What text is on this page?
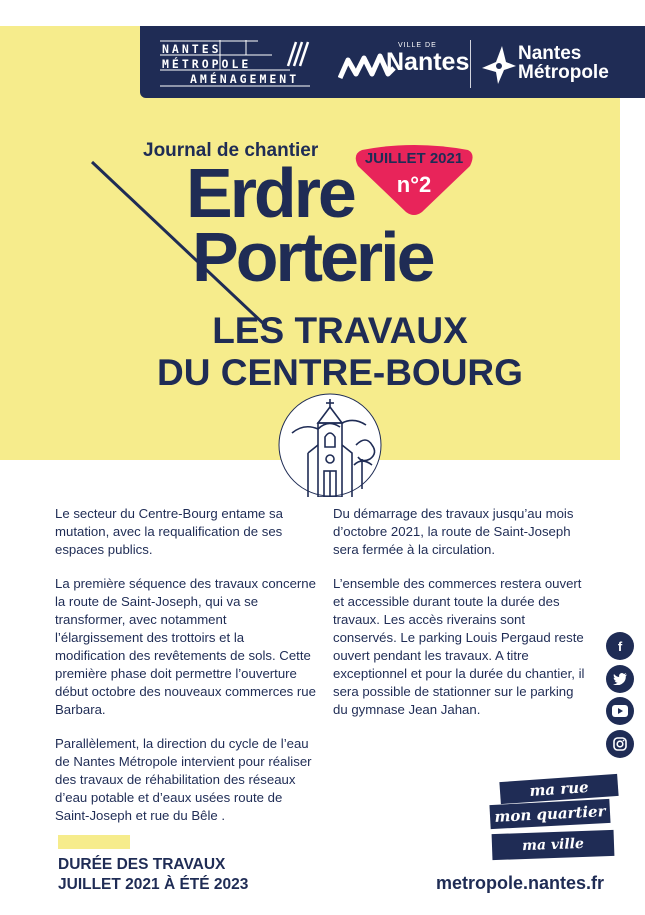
NANTES
MÉTROPOLE
AMÉNAGEMENT
VILLE DE
Nantes	Nantes
Métropole
Journal de chantier
Erdre
Porterie
JUILLET 2021
n°2
LES TRAVAUX
DU CENTRE-BOURG

Le secteur du Centre-Bourg entame sa mutation, avec la requalification de ses espaces publics.

La première séquence des travaux concerne la route de Saint-Joseph, qui va se transformer, avec notamment l’élargissement des trottoirs et la modification des revêtements de sols. Cette première phase doit permettre l’ouverture début octobre des nouveaux commerces rue Barbara.

Parallèlement, la direction du cycle de l’eau de Nantes Métropole intervient pour réaliser des travaux de réhabilitation des réseaux d’eau potable et d’eaux usées route de Saint-Joseph et rue du Bêle .

Du démarrage des travaux jusqu’au mois d’octobre 2021, la route de Saint-Joseph sera fermée à la circulation.

L’ensemble des commerces restera ouvert et accessible durant toute la durée des travaux. Les accès riverains sont conservés. Le parking Louis Pergaud reste ouvert pendant les travaux. A titre exceptionnel et pour la durée du chantier, il sera possible de stationner sur le parking du gymnase Jean Jahan.

f
ma rue
mon quartier
ma ville
DURÉE DES TRAVAUX
JUILLET 2021 À ÉTÉ 2023	metropole.nantes.fr
